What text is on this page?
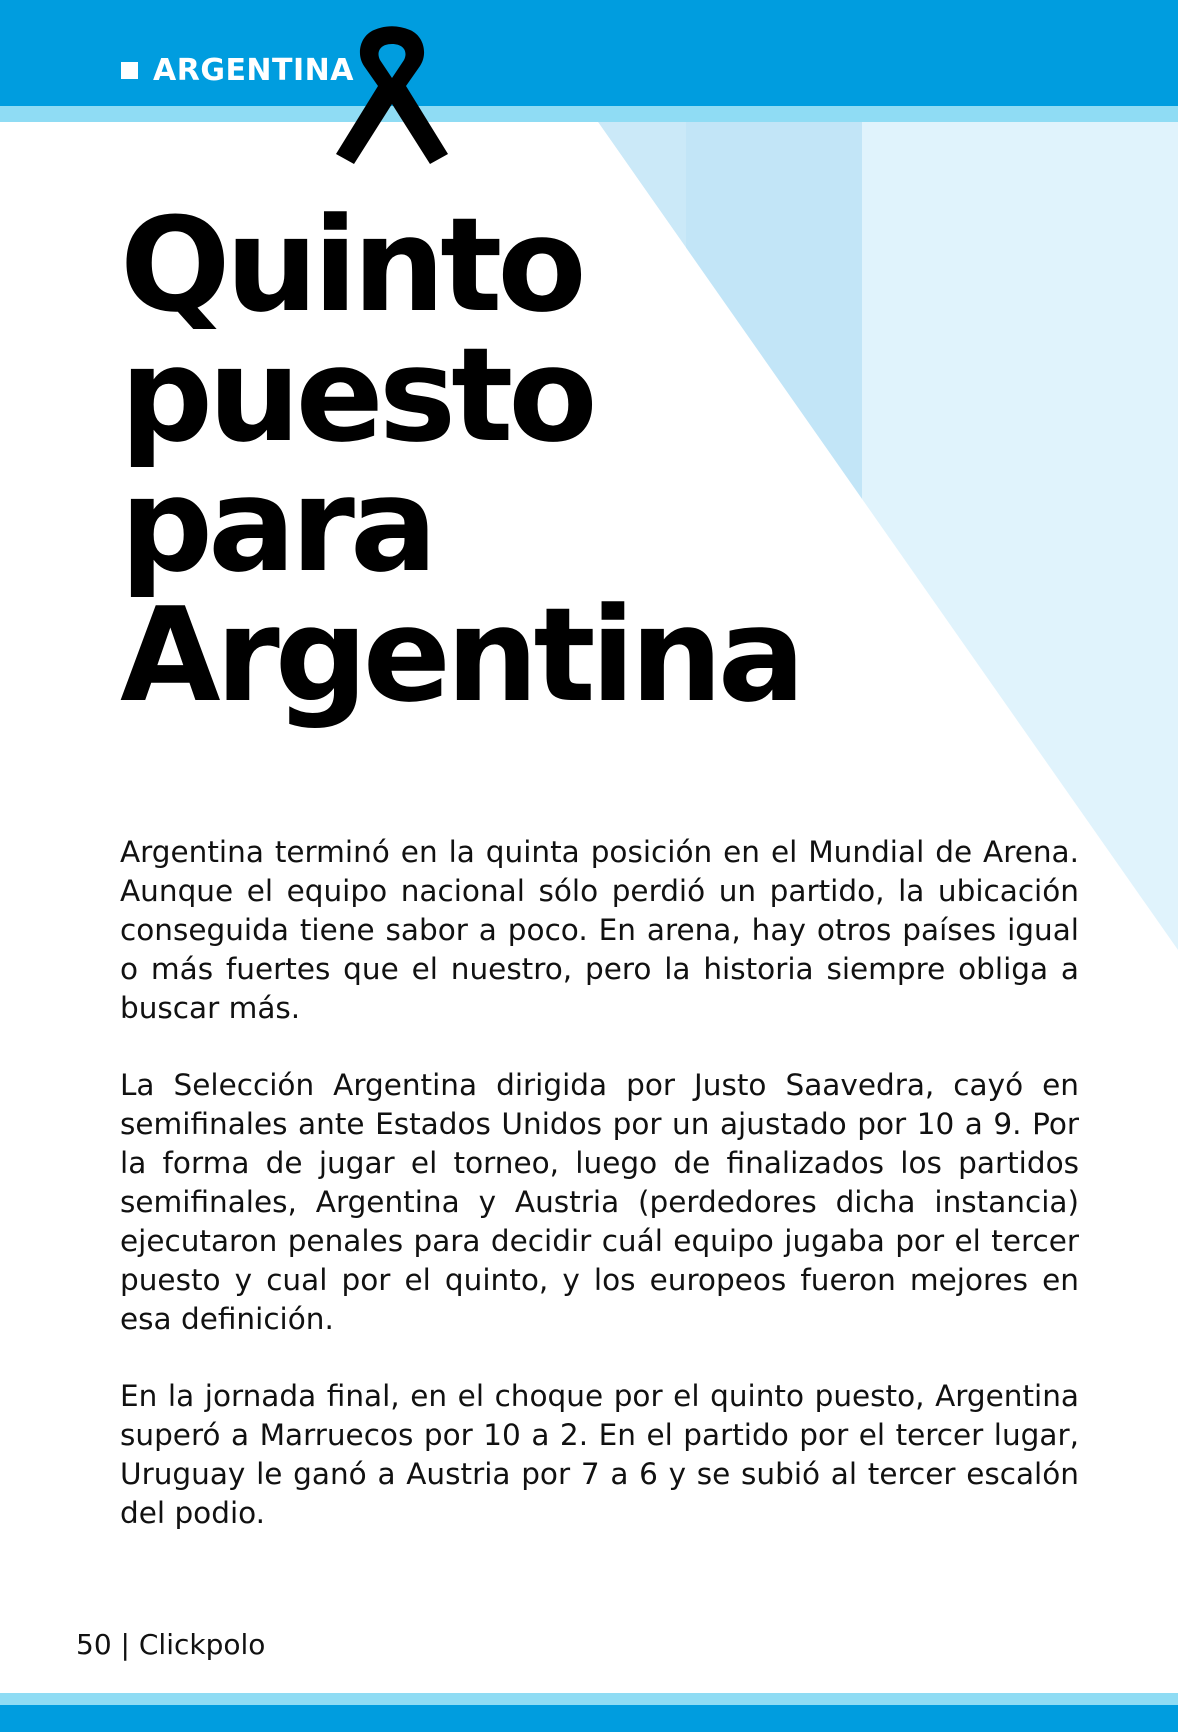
ARGENTINA
Quinto
puesto
para
Argentina

Argentina terminó en la quinta posición en el Mundial de Arena. Aunque el equipo nacional sólo perdió un partido, la ubicación conseguida tiene sabor a poco. En arena, hay otros países igual o más fuertes que el nuestro, pero la historia siempre obliga a buscar más.

La Selección Argentina dirigida por Justo Saavedra, cayó en semifinales ante Estados Unidos por un ajustado por 10 a 9. Por la forma de jugar el torneo, luego de finalizados los partidos semifinales, Argentina y Austria (perdedores dicha instancia) ejecutaron penales para decidir cuál equipo jugaba por el tercer puesto y cual por el quinto, y los europeos fueron mejores en esa definición.

En la jornada final, en el choque por el quinto puesto, Argentina superó a Marruecos por 10 a 2. En el partido por el tercer lugar, Uruguay le ganó a Austria por 7 a 6 y se subió al tercer escalón del podio.

50 | Clickpolo
